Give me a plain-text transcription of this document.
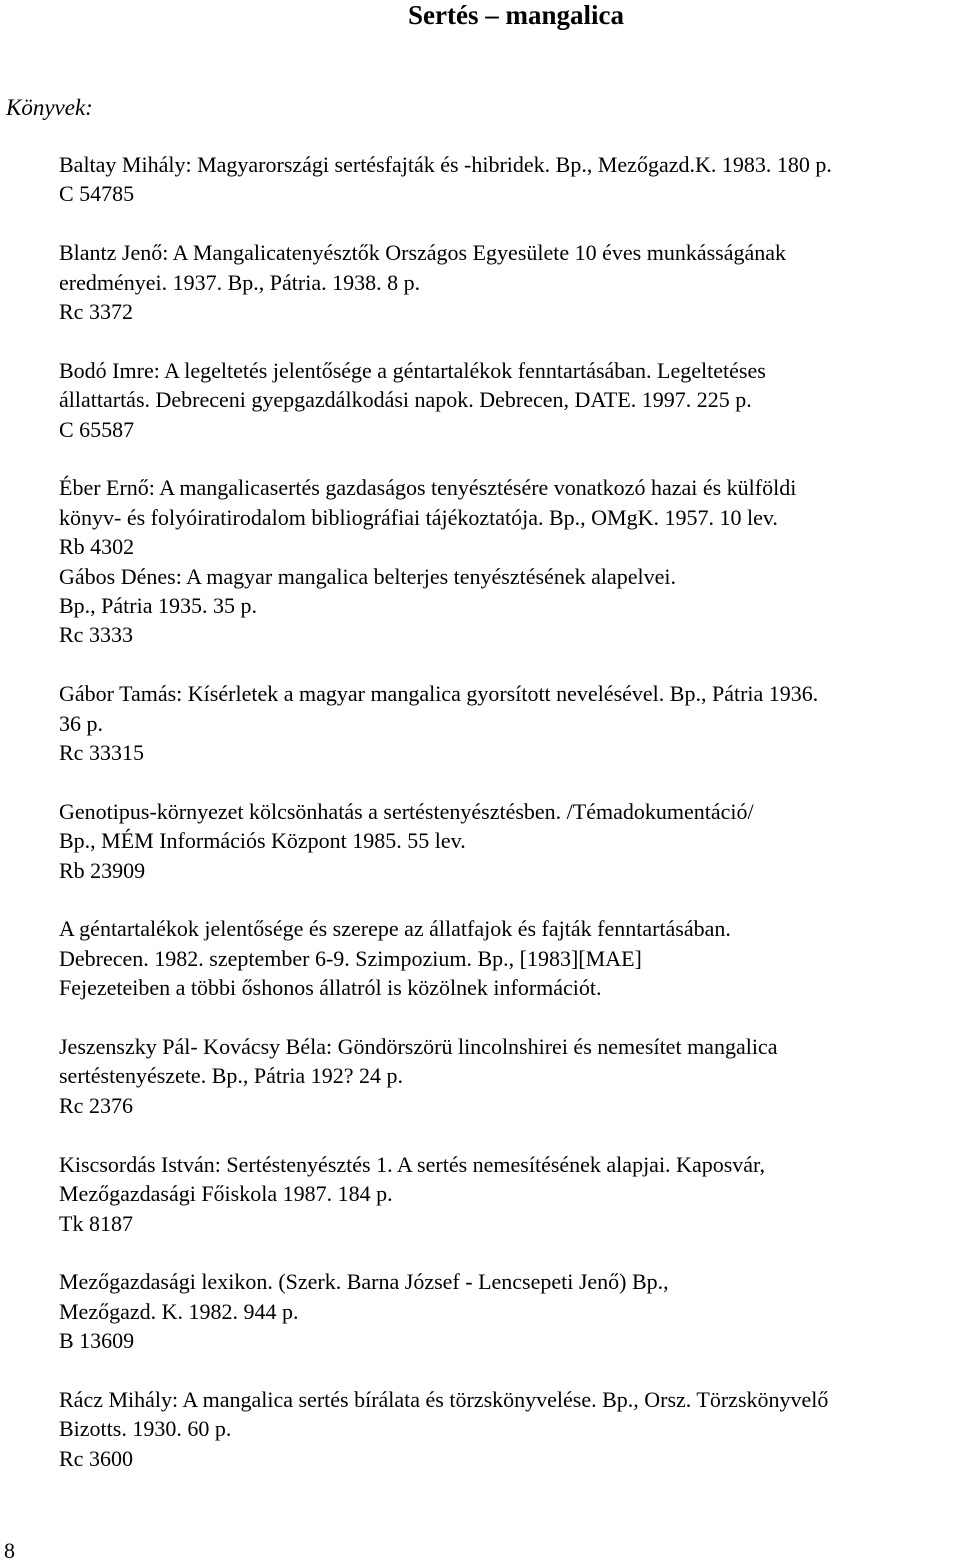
Sertés – mangalica
Könyvek:
Baltay Mihály: Magyarországi sertésfajták és -hibridek. Bp., Mezőgazd.K. 1983. 180 p.
C 54785
Blantz Jenő: A Mangalicatenyésztők Országos Egyesülete 10 éves munkásságának
eredményei. 1937. Bp., Pátria. 1938. 8 p.
Rc 3372
Bodó Imre: A legeltetés jelentősége a géntartalékok fenntartásában. Legeltetéses
állattartás. Debreceni gyepgazdálkodási napok. Debrecen, DATE. 1997. 225 p.
C 65587
Éber Ernő: A mangalicasertés gazdaságos tenyésztésére vonatkozó hazai és külföldi
könyv- és folyóiratirodalom bibliográfiai tájékoztatója. Bp., OMgK. 1957. 10 lev.
Rb 4302
Gábos Dénes: A magyar mangalica belterjes tenyésztésének alapelvei.
Bp., Pátria 1935. 35 p.
Rc 3333
Gábor Tamás: Kísérletek a magyar mangalica gyorsított nevelésével. Bp., Pátria 1936.
36 p.
Rc 33315
Genotipus-környezet kölcsönhatás a sertéstenyésztésben. /Témadokumentáció/
Bp., MÉM Információs Központ 1985. 55 lev.
Rb 23909
A géntartalékok jelentősége és szerepe az állatfajok és fajták fenntartásában.
Debrecen. 1982. szeptember 6-9. Szimpozium. Bp., [1983][MAE]
Fejezeteiben a többi őshonos állatról is közölnek információt.
Jeszenszky Pál- Kovácsy Béla: Göndörszörü lincolnshirei és nemesítet mangalica
sertéstenyészete. Bp., Pátria 192? 24 p.
Rc 2376
Kiscsordás István: Sertéstenyésztés 1. A sertés nemesítésének alapjai. Kaposvár,
Mezőgazdasági Főiskola 1987. 184 p.
Tk 8187
Mezőgazdasági lexikon. (Szerk. Barna József - Lencsepeti Jenő) Bp.,
Mezőgazd. K. 1982. 944 p.
B 13609
Rácz Mihály: A mangalica sertés bírálata és törzskönyvelése. Bp., Orsz. Törzskönyvelő
Bizotts. 1930. 60 p.
Rc 3600
8
